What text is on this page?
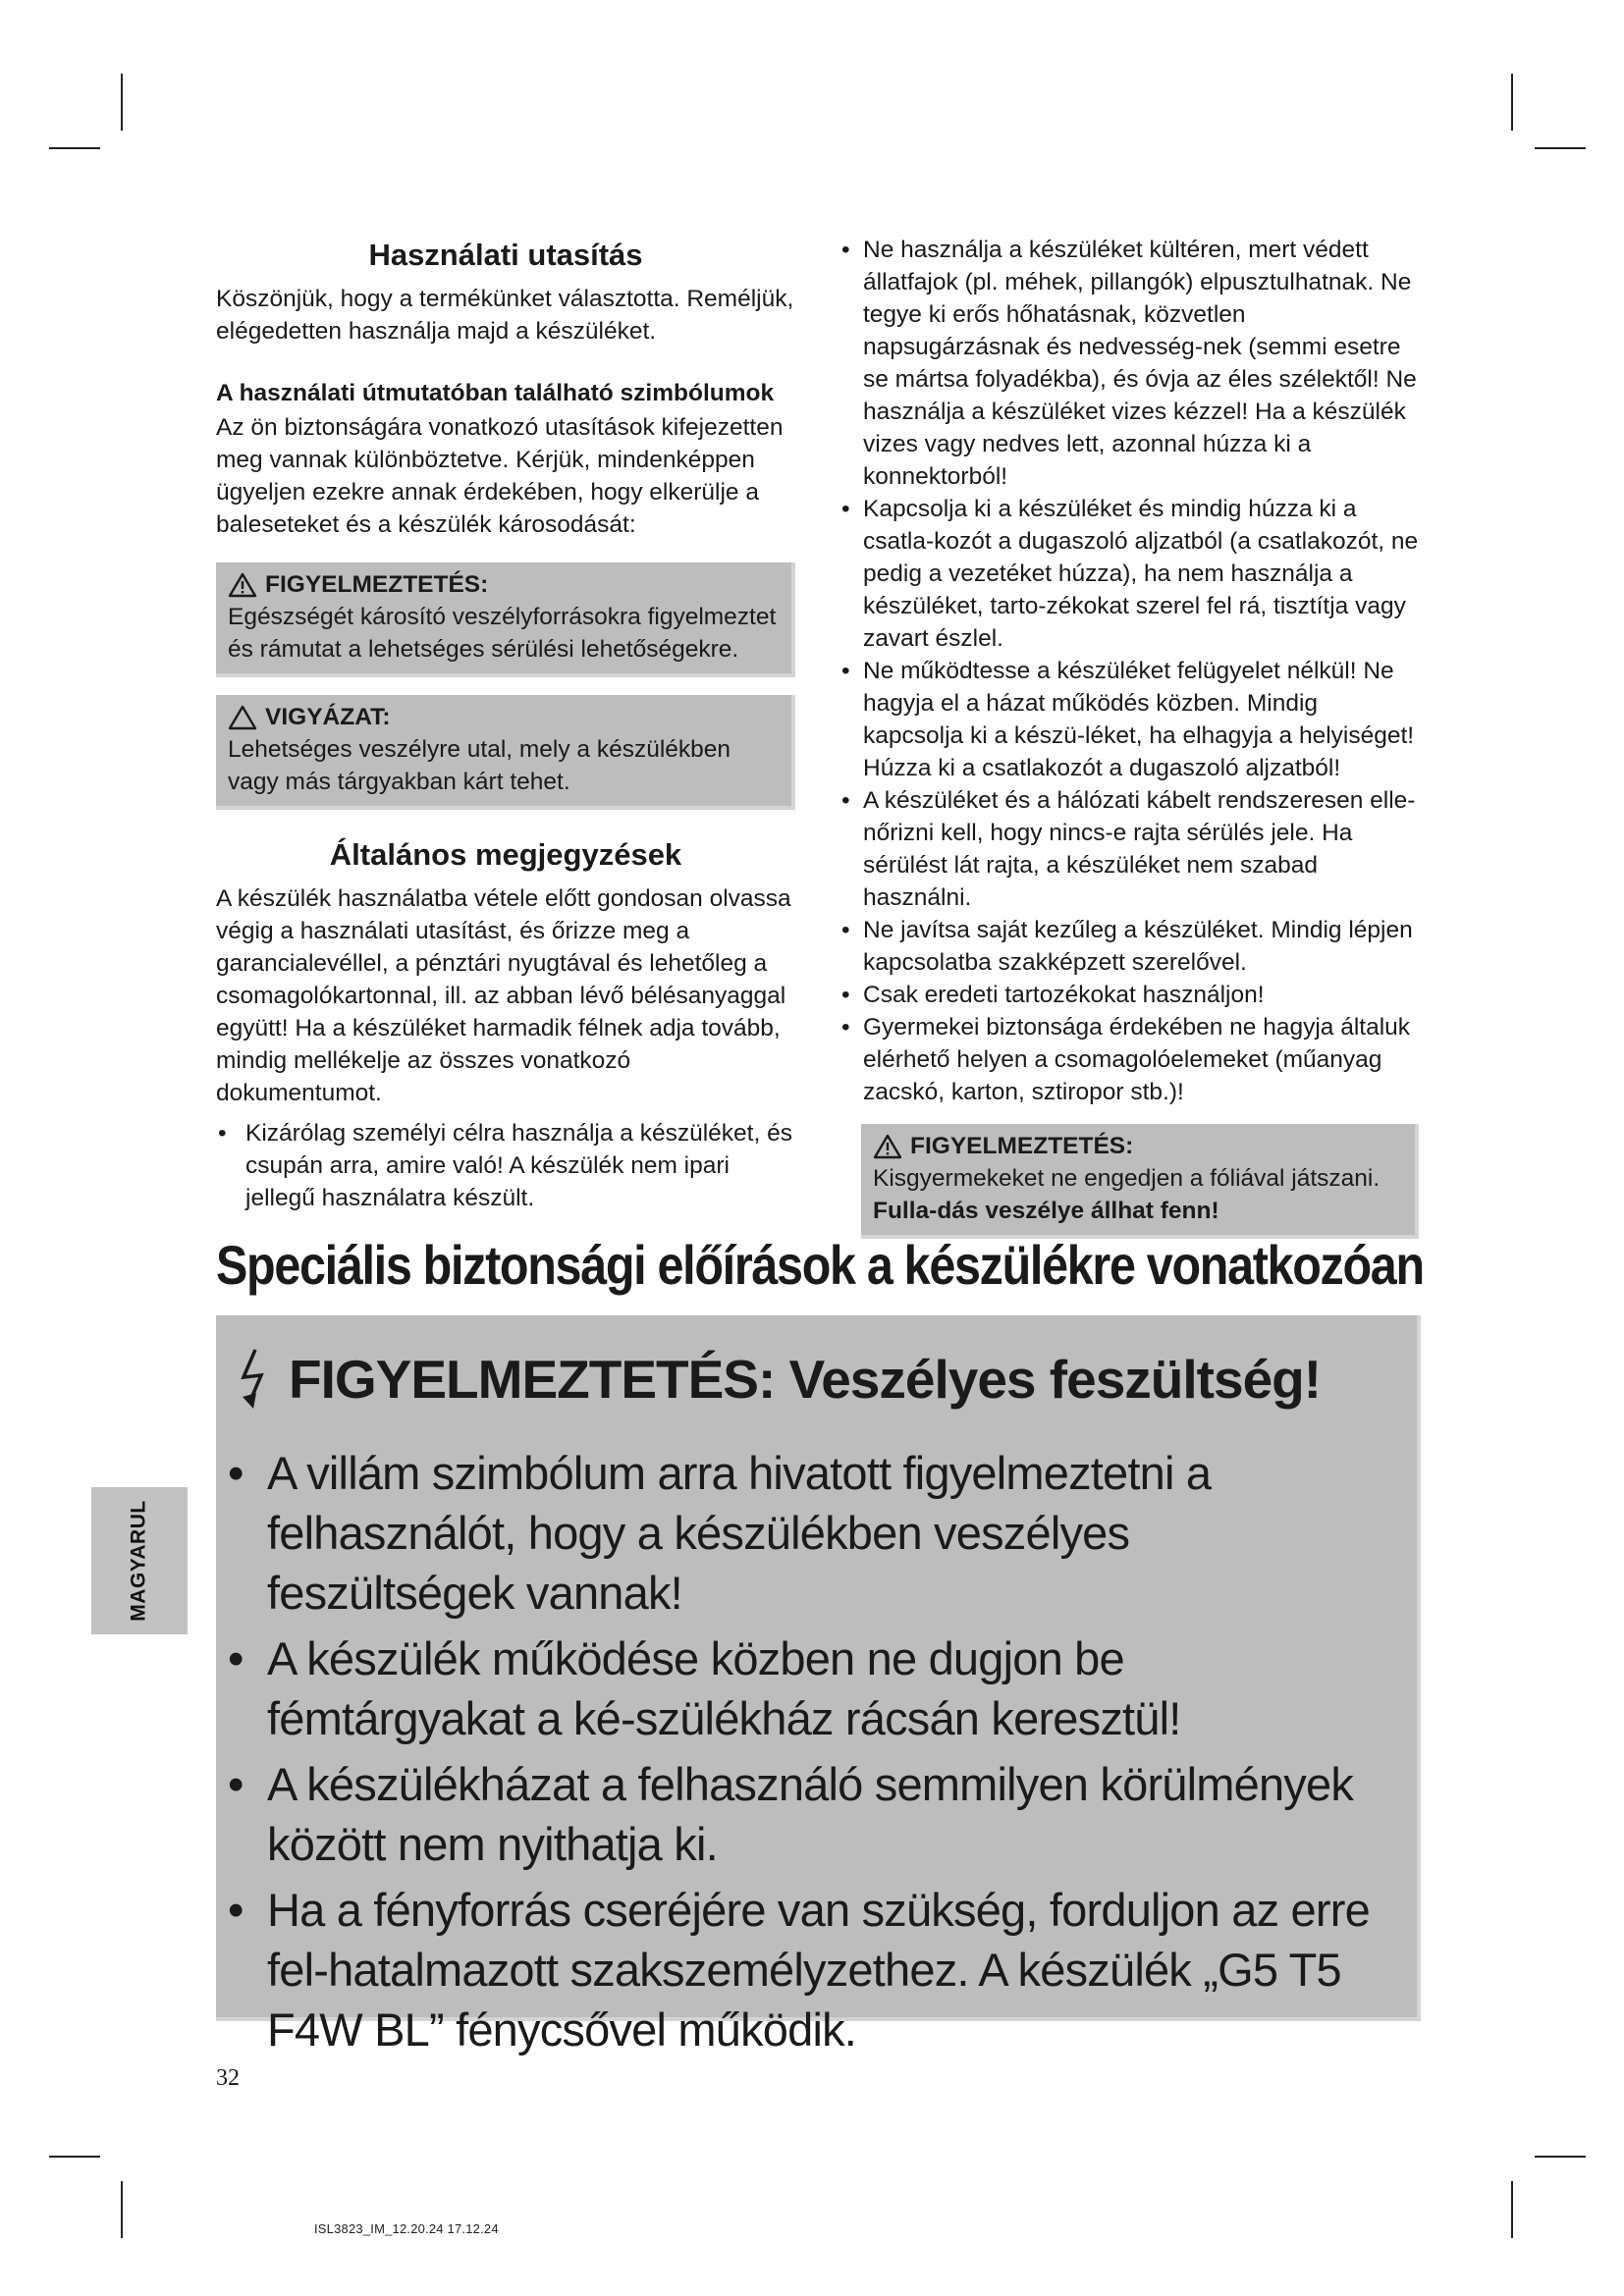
Használati utasítás

Köszönjük, hogy a termékünket választotta. Reméljük, elégedetten használja majd a készüléket.

A használati útmutatóban található szimbólumok

Az ön biztonságára vonatkozó utasítások kifejezetten meg vannak különböztetve. Kérjük, mindenképpen ügyeljen ezekre annak érdekében, hogy elkerülje a baleseteket és a készülék károsodását:

FIGYELMEZTETÉS:

Egészségét károsító veszélyforrásokra figyelmeztet és rámutat a lehetséges sérülési lehetőségekre.

VIGYÁZAT:

Lehetséges veszélyre utal, mely a készülékben vagy más tárgyakban kárt tehet.

Általános megjegyzések

A készülék használatba vétele előtt gondosan olvassa végig a használati utasítást, és őrizze meg a garancialevéllel, a pénztári nyugtával és lehetőleg a csomagolókartonnal, ill. az abban lévő bélésanyaggal együtt! Ha a készüléket harmadik félnek adja tovább, mindig mellékelje az összes vonatkozó dokumentumot.

• Kizárólag személyi célra használja a készüléket, és csupán arra, amire való! A készülék nem ipari jellegű használatra készült.
• Ne használja a készüléket kültéren, mert védett állatfajok (pl. méhek, pillangók) elpusztulhatnak. Ne tegye ki erős hőhatásnak, közvetlen napsugárzásnak és nedvesség-nek (semmi esetre se mártsa folyadékba), és óvja az éles szélektől! Ne használja a készüléket vizes kézzel! Ha a készülék vizes vagy nedves lett, azonnal húzza ki a konnektorból!
• Kapcsolja ki a készüléket és mindig húzza ki a csatla-kozót a dugaszoló aljzatból (a csatlakozót, ne pedig a vezetéket húzza), ha nem használja a készüléket, tarto-zékokat szerel fel rá, tisztítja vagy zavart észlel.
• Ne működtesse a készüléket felügyelet nélkül! Ne hagyja el a házat működés közben. Mindig kapcsolja ki a készü-léket, ha elhagyja a helyiséget! Húzza ki a csatlakozót a dugaszoló aljzatból!
• A készüléket és a hálózati kábelt rendszeresen elle-nőrizni kell, hogy nincs-e rajta sérülés jele. Ha sérülést lát rajta, a készüléket nem szabad használni.
• Ne javítsa saját kezűleg a készüléket. Mindig lépjen kapcsolatba szakképzett szerelővel.
• Csak eredeti tartozékokat használjon!
• Gyermekei biztonsága érdekében ne hagyja általuk elérhető helyen a csomagolóelemeket (műanyag zacskó, karton, sztiropor stb.)!
FIGYELMEZTETÉS:

Kisgyermekeket ne engedjen a fóliával játszani. Fulla-dás veszélye állhat fenn!

Speciális biztonsági előírások a készülékre vonatkozóan
FIGYELMEZTETÉS: Veszélyes feszültség!
• A villám szimbólum arra hivatott figyelmeztetni a felhasználót, hogy a készülékben veszélyes feszültségek vannak!
• A készülék működése közben ne dugjon be fémtárgyakat a ké-szülékház rácsán keresztül!
• A készülékházat a felhasználó semmilyen körülmények között nem nyithatja ki.
• Ha a fényforrás cseréjére van szükség, forduljon az erre fel-hatalmazott szakszemélyzethez. A készülék „G5 T5 F4W BL” fénycsővel működik.
MAGYARUL
32
ISL3823_IM_12.20.24 17.12.24
